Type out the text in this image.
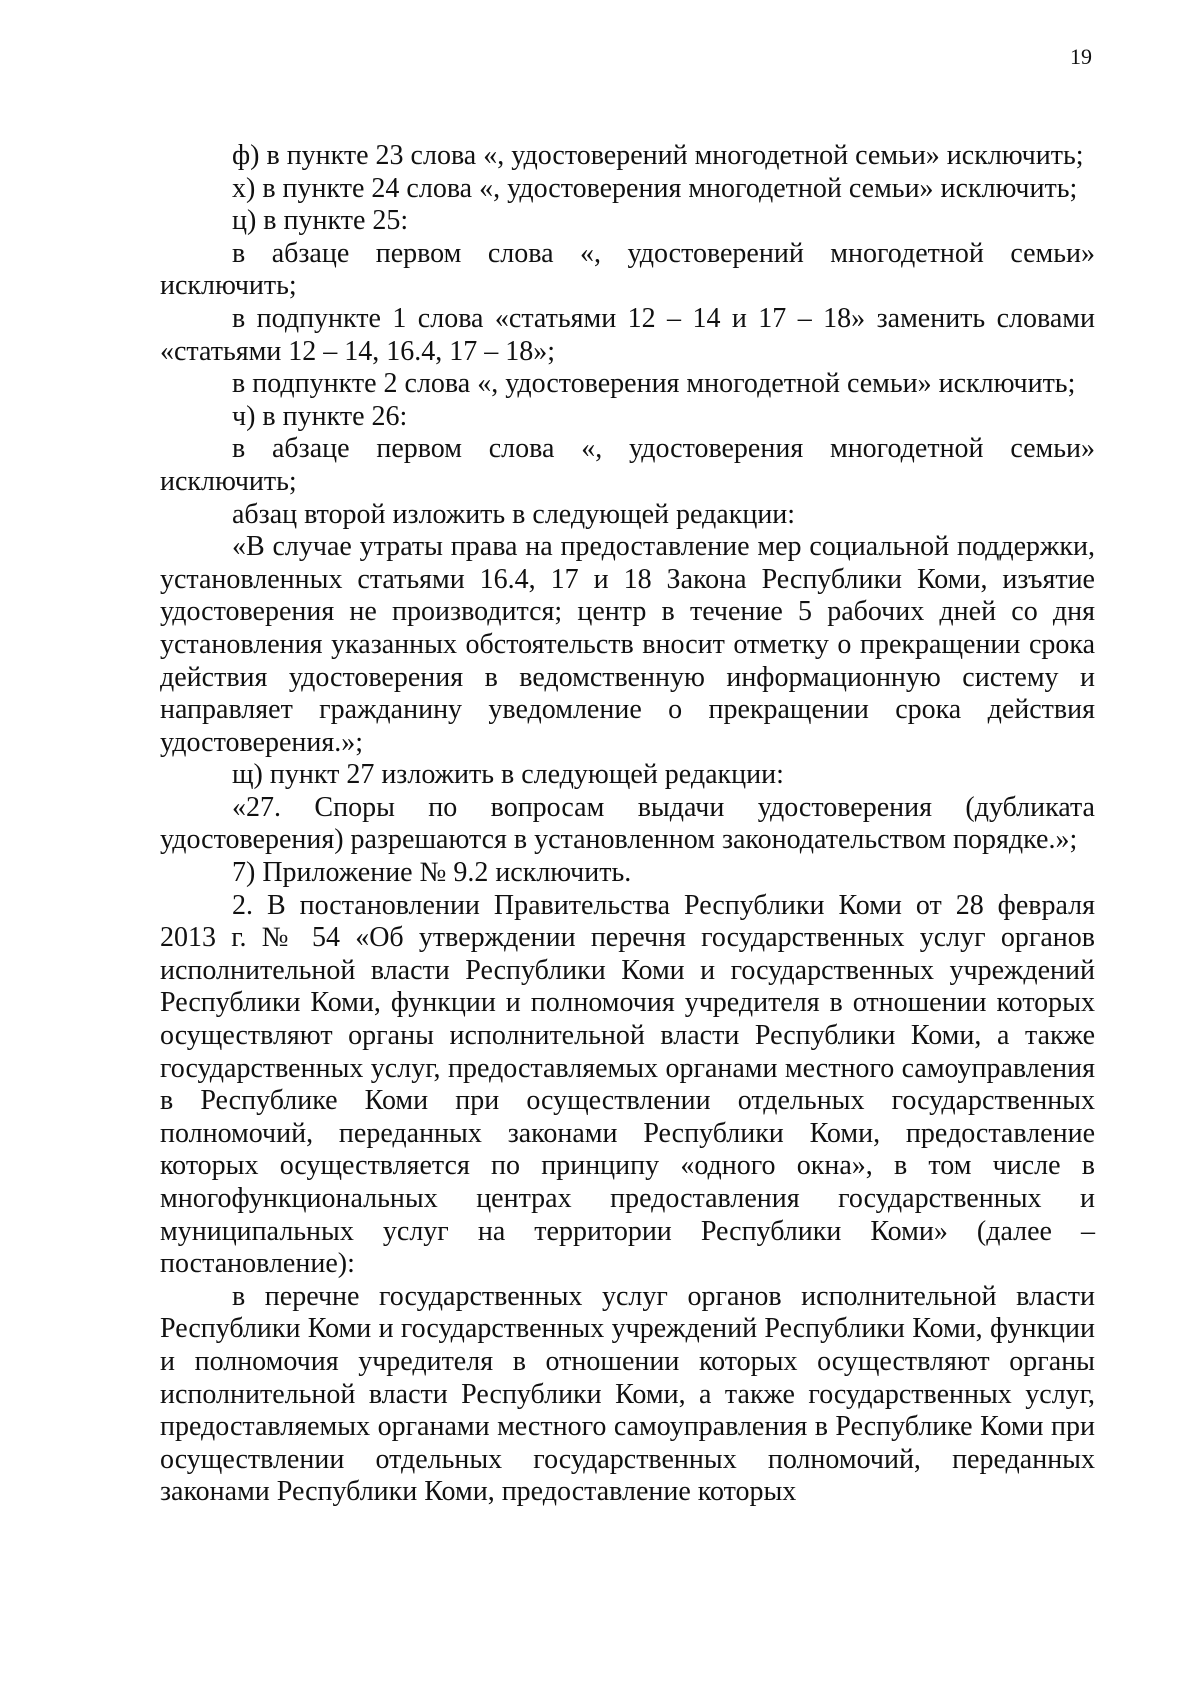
19

ф) в пункте 23 слова «, удостоверений многодетной семьи» исключить;

х) в пункте 24 слова «, удостоверения многодетной семьи» исключить;

ц) в пункте 25:

в абзаце первом слова «, удостоверений многодетной семьи» исключить;

в подпункте 1 слова «статьями 12 – 14 и 17 – 18» заменить словами «статьями 12 – 14, 16.4, 17 – 18»;

в подпункте 2 слова «, удостоверения многодетной семьи» исключить;

ч) в пункте 26:

в абзаце первом слова «, удостоверения многодетной семьи» исключить;

абзац второй изложить в следующей редакции:

«В случае утраты права на предоставление мер социальной поддержки, установленных статьями 16.4, 17 и 18 Закона Республики Коми, изъятие удостоверения не производится; центр в течение 5 рабочих дней со дня установления указанных обстоятельств вносит отметку о прекращении срока действия удостоверения в ведомственную информационную систему и направляет гражданину уведомление о прекращении срока действия удостоверения.»;

щ) пункт 27 изложить в следующей редакции:

«27. Споры по вопросам выдачи удостоверения (дубликата удостоверения) разрешаются в установленном законодательством порядке.»;

7) Приложение № 9.2 исключить.

2. В постановлении Правительства Республики Коми от 28 февраля 2013 г. № 54 «Об утверждении перечня государственных услуг органов исполнительной власти Республики Коми и государственных учреждений Республики Коми, функции и полномочия учредителя в отношении которых осуществляют органы исполнительной власти Республики Коми, а также государственных услуг, предоставляемых органами местного самоуправления в Республике Коми при осуществлении отдельных государственных полномочий, переданных законами Республики Коми, предоставление которых осуществляется по принципу «одного окна», в том числе в многофункциональных центрах предоставления государственных и муниципальных услуг на территории Республики Коми» (далее – постановление):

в перечне государственных услуг органов исполнительной власти Республики Коми и государственных учреждений Республики Коми, функции и полномочия учредителя в отношении которых осуществляют органы исполнительной власти Республики Коми, а также государственных услуг, предоставляемых органами местного самоуправления в Республике Коми при осуществлении отдельных государственных полномочий, переданных законами Республики Коми, предоставление которых
